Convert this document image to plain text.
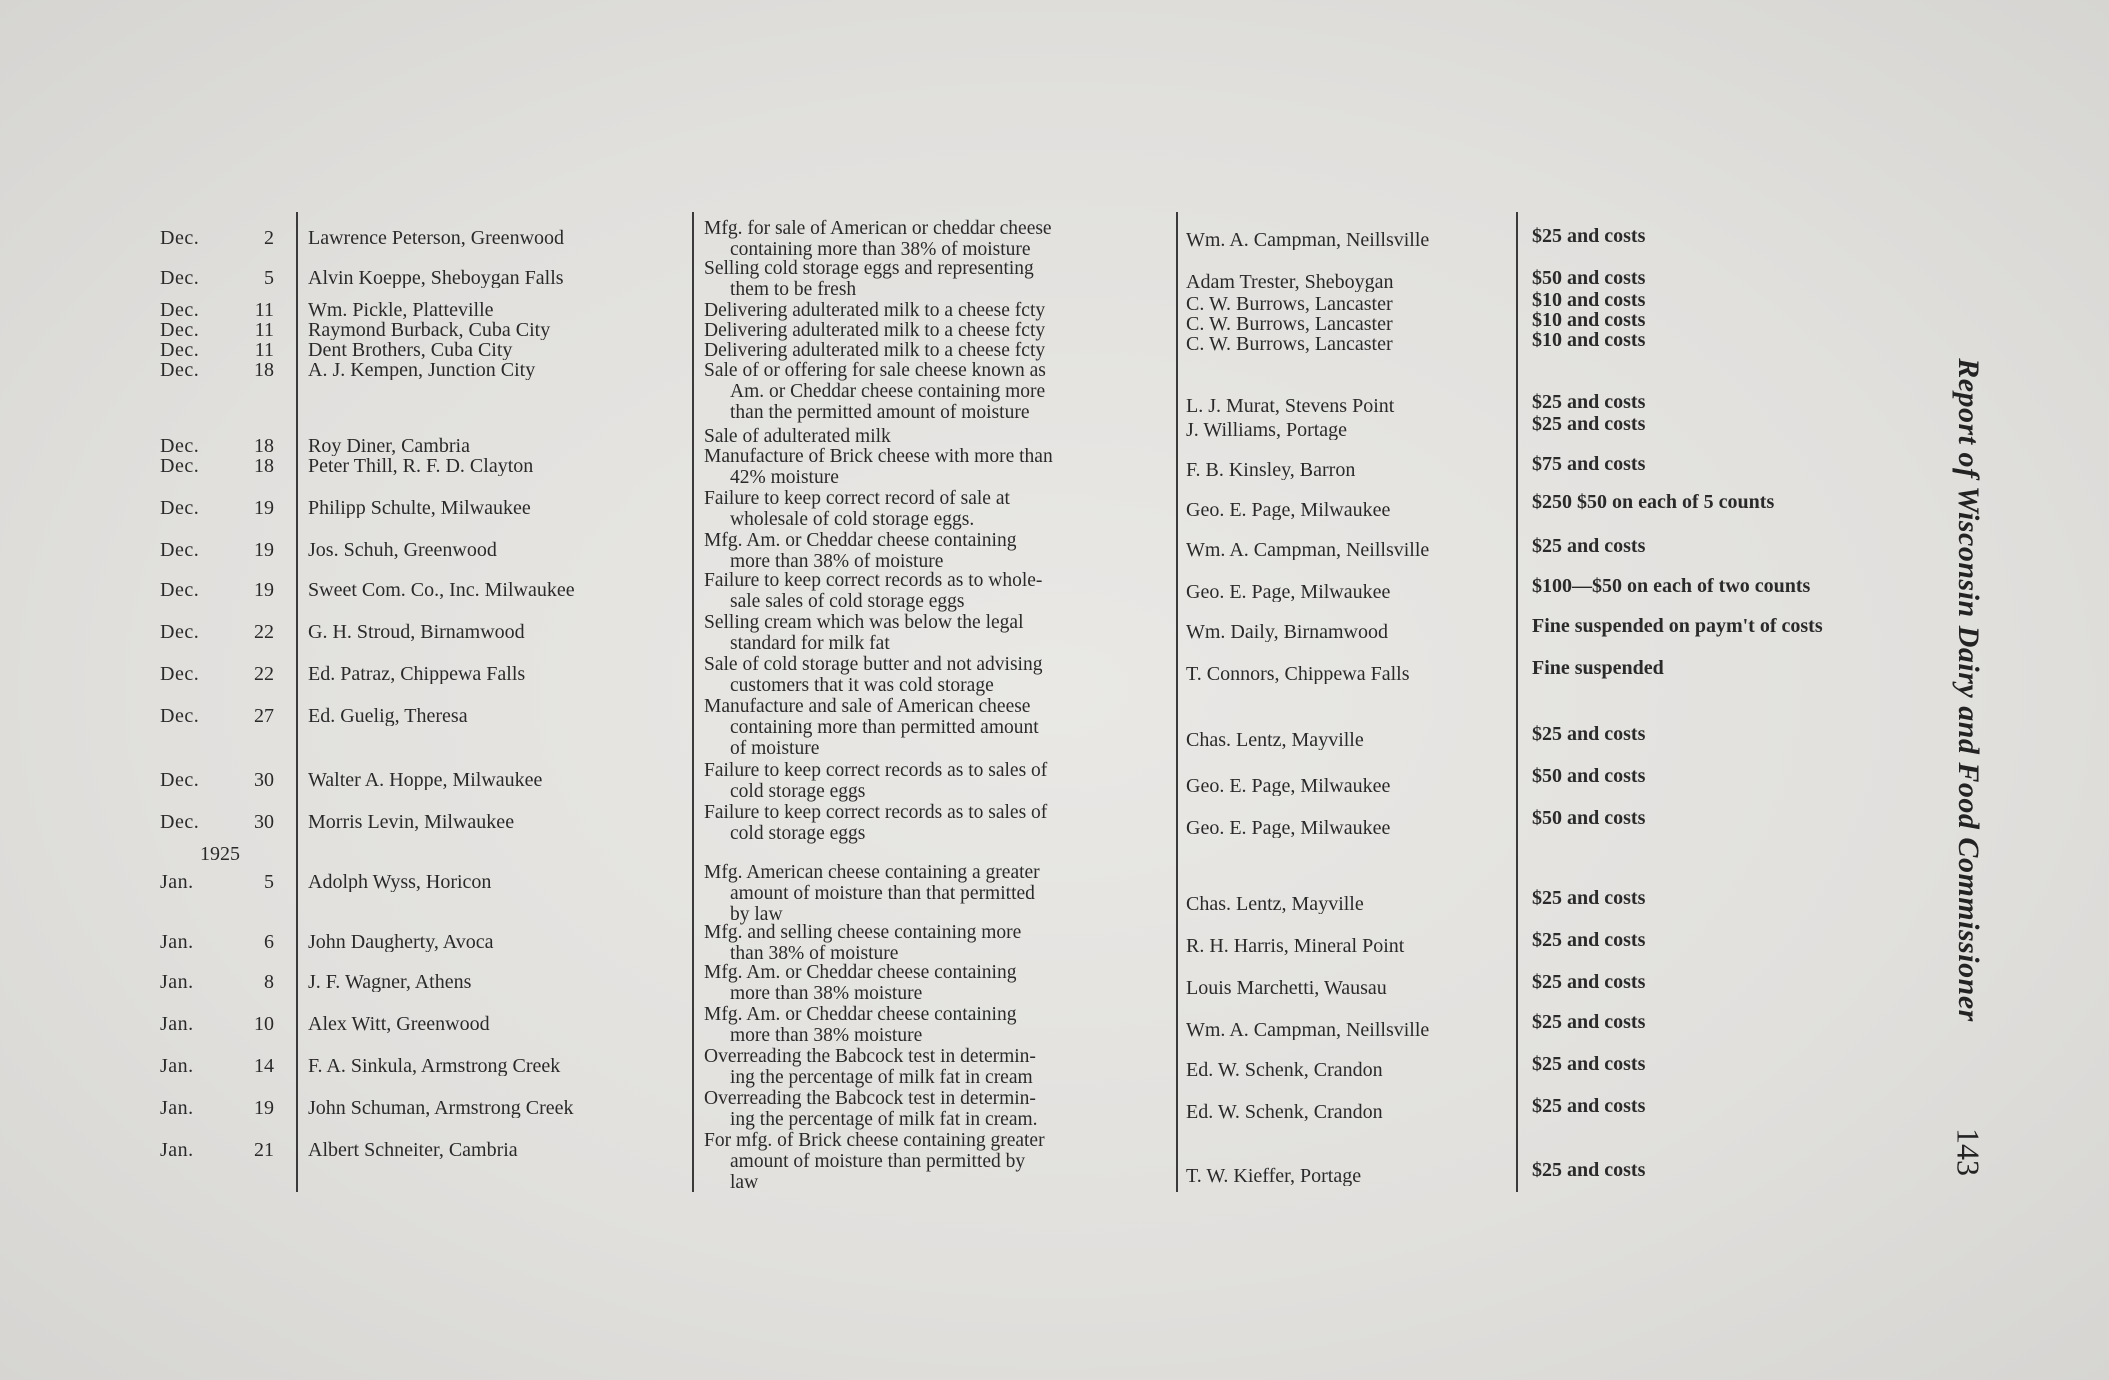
1925
Dec.	2 Lawrence Peterson, Greenwood	Mfg. for sale of American or cheddar cheese
containing more than 38% of moisture	Wm. A. Campman, Neillsville	$25 and costs
Dec.	5 Alvin Koeppe, Sheboygan Falls	Selling cold storage eggs and representing
them to be fresh	Adam Trester, Sheboygan	$50 and costs
Dec.	11 Wm. Pickle, Platteville	Delivering adulterated milk to a cheese fcty	C. W. Burrows, Lancaster	$10 and costs
Dec.	11 Raymond Burback, Cuba City	Delivering adulterated milk to a cheese fcty	C. W. Burrows, Lancaster	$10 and costs
Dec.	11 Dent Brothers, Cuba City	Delivering adulterated milk to a cheese fcty	C. W. Burrows, Lancaster	$10 and costs
Dec.	18 A. J. Kempen, Junction City	Sale of or offering for sale cheese known as
Am. or Cheddar cheese containing more
than the permitted amount of moisture	L. J. Murat, Stevens Point	$25 and costs
Dec.	18 Roy Diner, Cambria	Sale of adulterated milk	J. Williams, Portage	$25 and costs
Dec.	18 Peter Thill, R. F. D. Clayton	Manufacture of Brick cheese with more than
42% moisture	F. B. Kinsley, Barron	$75 and costs
Dec.	19 Philipp Schulte, Milwaukee	Failure to keep correct record of sale at
wholesale of cold storage eggs.	Geo. E. Page, Milwaukee	$250 $50 on each of 5 counts
Dec.	19 Jos. Schuh, Greenwood	Mfg. Am. or Cheddar cheese containing
more than 38% of moisture
Wm. A. Campman, Neillsville	$25 and costs
Dec.	19 Sweet Com. Co., Inc. Milwaukee	Failure to keep correct records as to whole-
sale sales of cold storage eggs	Geo. E. Page, Milwaukee	$100—$50 on each of two counts
Dec.	22 G. H. Stroud, Birnamwood	Selling cream which was below the legal
standard for milk fat
Wm. Daily, Birnamwood	Fine suspended on paym't of costs
Dec.	22 Ed. Patraz, Chippewa Falls	Sale of cold storage butter and not advising
customers that it was cold storage
T. Connors, Chippewa Falls	Fine suspended
Dec.	27 Ed. Guelig, Theresa	Manufacture and sale of American cheese
containing more than permitted amount
of moisture	Chas. Lentz, Mayville	$25 and costs
Dec.	30 Walter A. Hoppe, Milwaukee	Failure to keep correct records as to sales of
cold storage eggs	Geo. E. Page, Milwaukee	$50 and costs
Dec.	30 Morris Levin, Milwaukee	Failure to keep correct records as to sales of
cold storage eggs	Geo. E. Page, Milwaukee	$50 and costs
Jan.	5 Adolph Wyss, Horicon	Mfg. American cheese containing a greater
amount of moisture than that permitted
by law	Chas. Lentz, Mayville	$25 and costs
Jan.	6 John Daugherty, Avoca	Mfg. and selling cheese containing more
than 38% of moisture	R. H. Harris, Mineral Point	$25 and costs
Jan.	8 J. F. Wagner, Athens	Mfg. Am. or Cheddar cheese containing
more than 38% moisture	Louis Marchetti, Wausau	$25 and costs
Jan.	10 Alex Witt, Greenwood	Mfg. Am. or Cheddar cheese containing
more than 38% moisture	Wm. A. Campman, Neillsville	$25 and costs
Jan.	14 F. A. Sinkula, Armstrong Creek	Overreading the Babcock test in determin-
ing the percentage of milk fat in cream	Ed. W. Schenk, Crandon	$25 and costs
Jan.	19 John Schuman, Armstrong Creek	Overreading the Babcock test in determin-
ing the percentage of milk fat in cream.	Ed. W. Schenk, Crandon	$25 and costs
Jan.	21 Albert Schneiter, Cambria	For mfg. of Brick cheese containing greater
amount of moisture than permitted by
law	T. W. Kieffer, Portage	$25 and costs
Report of Wisconsin Dairy and Food Commissioner
143
